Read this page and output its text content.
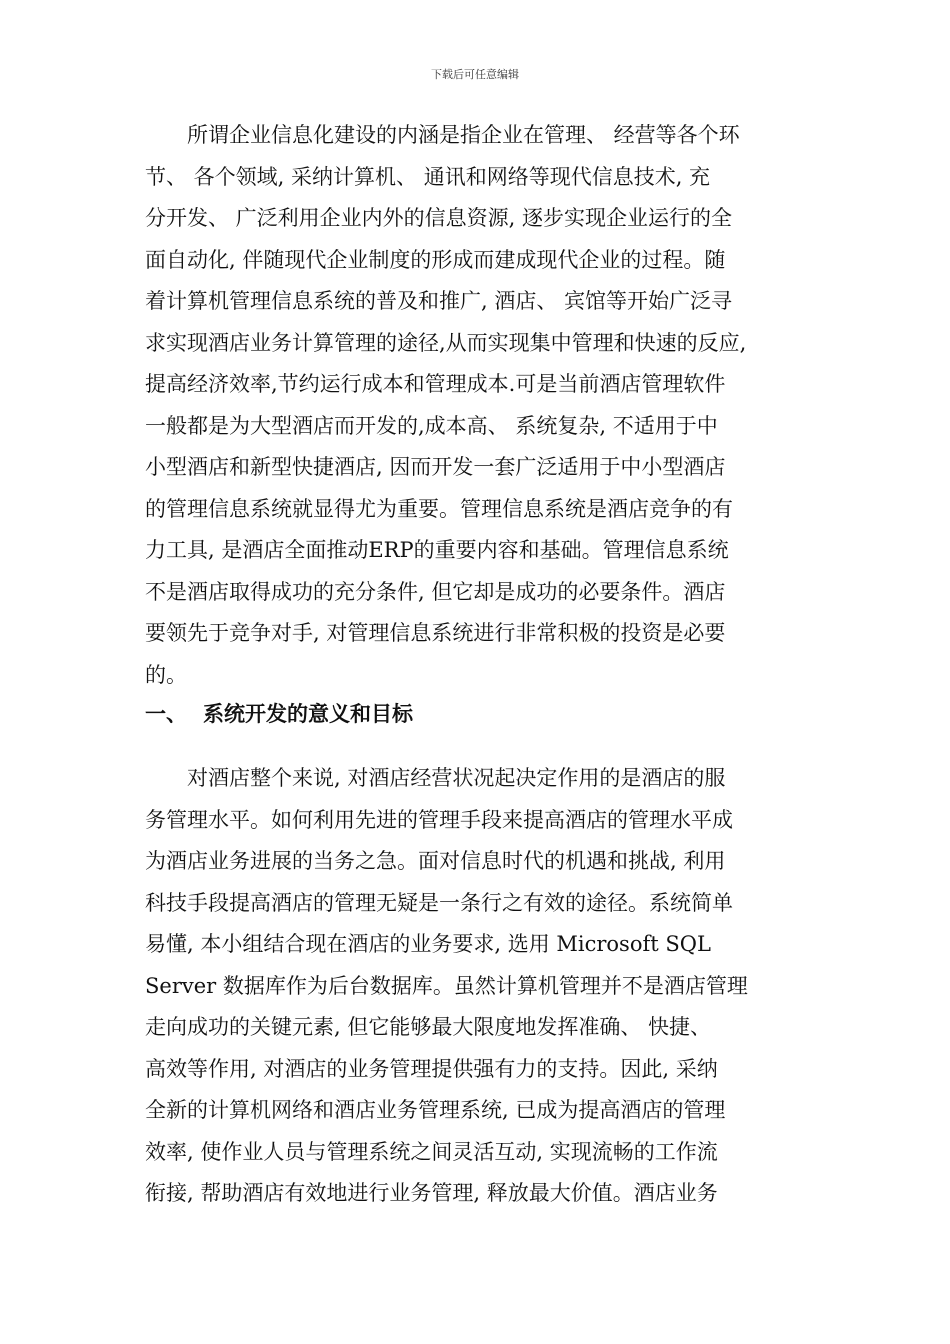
下载后可任意编辑
　　所谓企业信息化建设的内涵是指企业在管理、 经营等各个环
节、 各个领域, 采纳计算机、 通讯和网络等现代信息技术, 充
分开发、 广泛利用企业内外的信息资源, 逐步实现企业运行的全
面自动化, 伴随现代企业制度的形成而建成现代企业的过程。随
着计算机管理信息系统的普及和推广, 酒店、 宾馆等开始广泛寻
求实现酒店业务计算管理的途径,从而实现集中管理和快速的反应,
提高经济效率,节约运行成本和管理成本.可是当前酒店管理软件
一般都是为大型酒店而开发的,成本高、 系统复杂, 不适用于中
小型酒店和新型快捷酒店, 因而开发一套广泛适用于中小型酒店
的管理信息系统就显得尤为重要。管理信息系统是酒店竞争的有
力工具, 是酒店全面推动ERP的重要内容和基础。管理信息系统
不是酒店取得成功的充分条件, 但它却是成功的必要条件。酒店
要领先于竞争对手, 对管理信息系统进行非常积极的投资是必要
的。
一、 系统开发的意义和目标
　　对酒店整个来说, 对酒店经营状况起决定作用的是酒店的服
务管理水平。如何利用先进的管理手段来提高酒店的管理水平成
为酒店业务进展的当务之急。面对信息时代的机遇和挑战, 利用
科技手段提高酒店的管理无疑是一条行之有效的途径。系统简单
易懂, 本小组结合现在酒店的业务要求, 选用 Microsoft SQL
Server 数据库作为后台数据库。虽然计算机管理并不是酒店管理
走向成功的关键元素, 但它能够最大限度地发挥准确、 快捷、
高效等作用, 对酒店的业务管理提供强有力的支持。因此, 采纳
全新的计算机网络和酒店业务管理系统, 已成为提高酒店的管理
效率, 使作业人员与管理系统之间灵活互动, 实现流畅的工作流
衔接, 帮助酒店有效地进行业务管理, 释放最大价值。酒店业务
